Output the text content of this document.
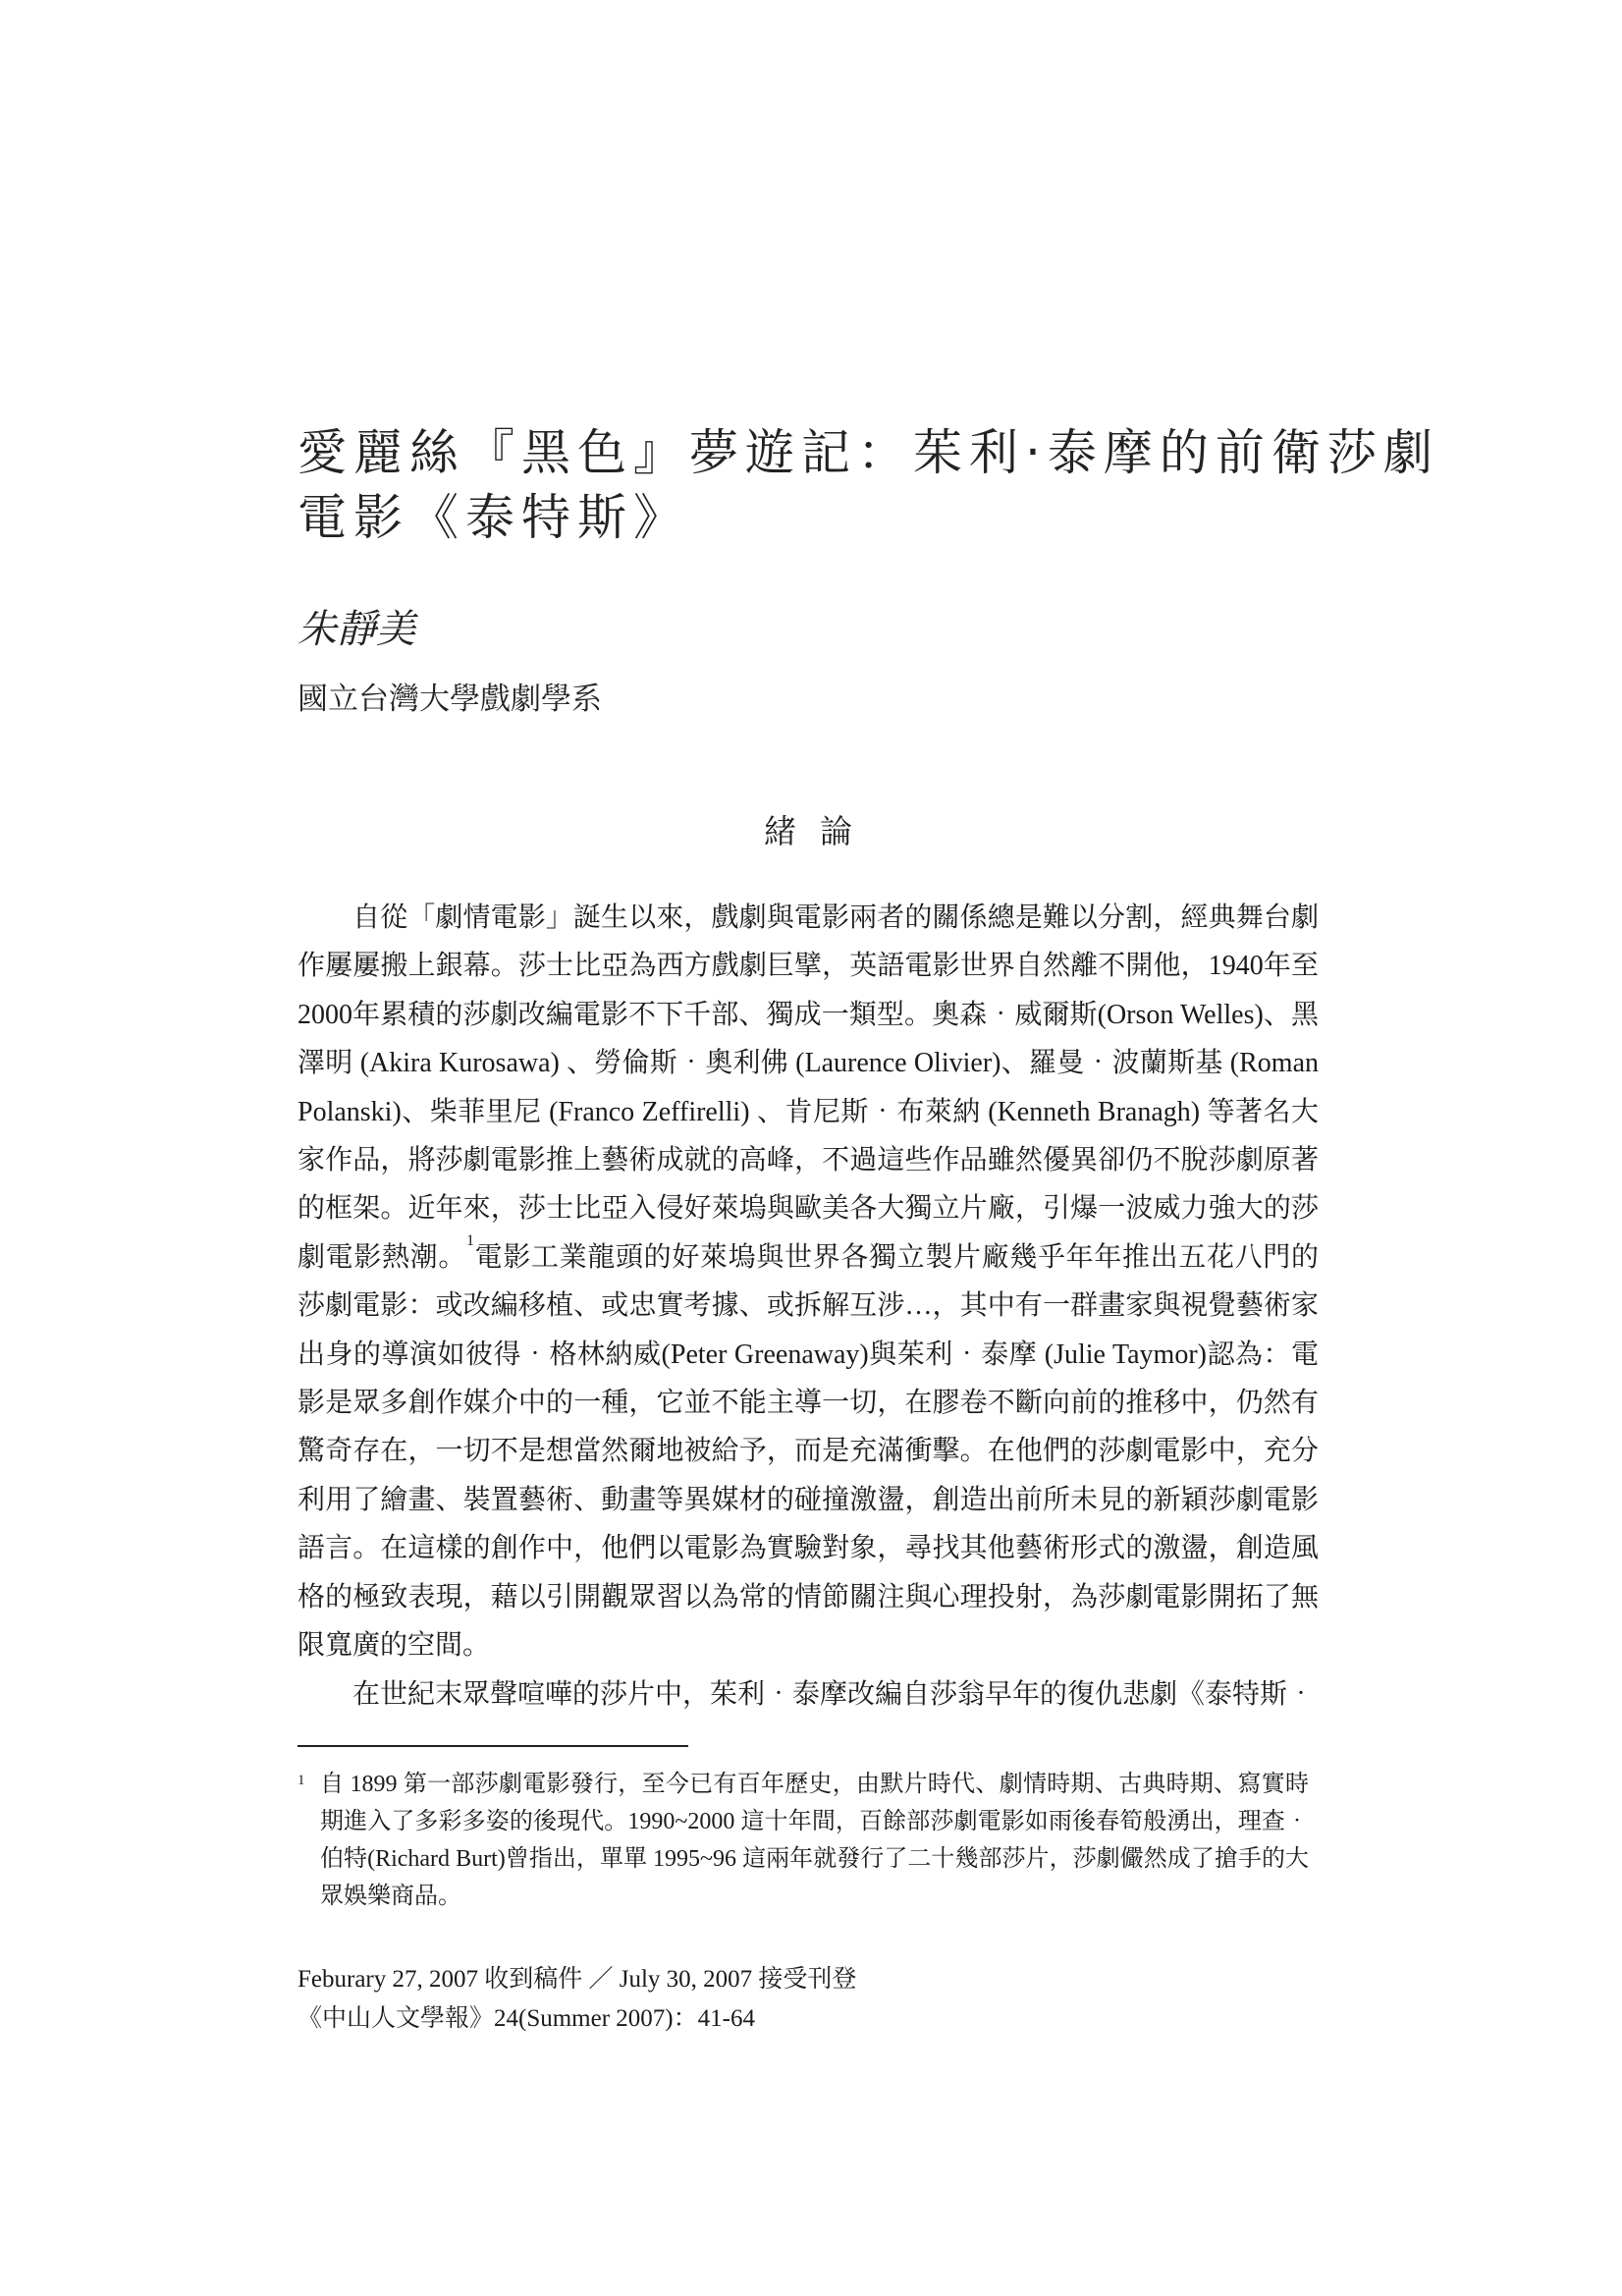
愛麗絲『黑色』夢遊記：茱利‧泰摩的前衛莎劇
電影《泰特斯》
朱靜美
國立台灣大學戲劇學系
緒論

自從「劇情電影」誕生以來，戲劇與電影兩者的關係總是難以分割，經典舞台劇作屢屢搬上銀幕。莎士比亞為西方戲劇巨擘，英語電影世界自然離不開他，1940年至2000年累積的莎劇改編電影不下千部、獨成一類型。奧森‧威爾斯(Orson Welles)、黑澤明 (Akira Kurosawa) 、勞倫斯‧奧利佛 (Laurence Olivier)、羅曼‧波蘭斯基 (Roman Polanski)、柴菲里尼 (Franco Zeffirelli) 、肯尼斯‧布萊納 (Kenneth Branagh) 等著名大家作品，將莎劇電影推上藝術成就的高峰，不過這些作品雖然優異卻仍不脫莎劇原著的框架。近年來，莎士比亞入侵好萊塢與歐美各大獨立片廠，引爆一波威力強大的莎劇電影熱潮。$^1$電影工業龍頭的好萊塢與世界各獨立製片廠幾乎年年推出五花八門的莎劇電影：或改編移植、或忠實考據、或拆解互涉…，其中有一群畫家與視覺藝術家出身的導演如彼得‧格林納威(Peter Greenaway)與茱利‧泰摩 (Julie Taymor)認為：電影是眾多創作媒介中的一種，它並不能主導一切，在膠卷不斷向前的推移中，仍然有驚奇存在，一切不是想當然爾地被給予，而是充滿衝擊。在他們的莎劇電影中，充分利用了繪畫、裝置藝術、動畫等異媒材的碰撞激盪，創造出前所未見的新穎莎劇電影語言。在這樣的創作中，他們以電影為實驗對象，尋找其他藝術形式的激盪，創造風格的極致表現，藉以引開觀眾習以為常的情節關注與心理投射，為莎劇電影開拓了無限寬廣的空間。

在世紀末眾聲喧嘩的莎片中，茱利‧泰摩改編自莎翁早年的復仇悲劇《泰特斯‧

1 自 1899 第一部莎劇電影發行，至今已有百年歷史，由默片時代、劇情時期、古典時期、寫實時期進入了多彩多姿的後現代。1990~2000 這十年間，百餘部莎劇電影如雨後春筍般湧出，理查‧伯特(Richard Burt)曾指出，單單 1995~96 這兩年就發行了二十幾部莎片，莎劇儼然成了搶手的大眾娛樂商品。

Feburary 27, 2007 收到稿件 ／ July 30, 2007 接受刊登
《中山人文學報》24(Summer 2007)：41-64
